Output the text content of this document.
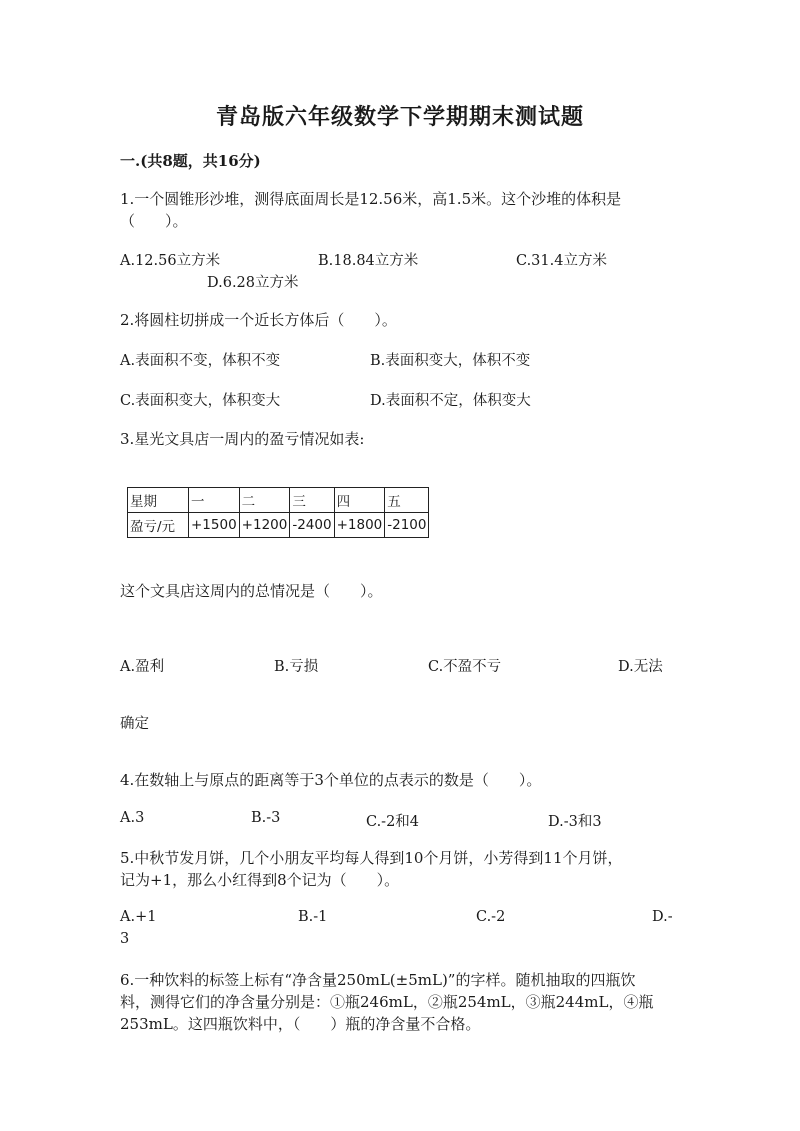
青岛版六年级数学下学期期末测试题
一.(共8题，共16分)
1.一个圆锥形沙堆，测得底面周长是12.56米，高1.5米。这个沙堆的体积是
（　　）。
A.12.56立方米	B.18.84立方米	C.31.4立方米
D.6.28立方米
2.将圆柱切拼成一个近长方体后（　　）。
A.表面积不变，体积不变	B.表面积变大，体积不变
C.表面积变大，体积变大	D.表面积不定，体积变大
3.星光文具店一周内的盈亏情况如表:
星期	一	二	三	四	五
盈亏/元	+1500	+1200	-2400	+1800	-2100
这个文具店这周内的总情况是（　　）。
A.盈利	B.亏损	C.不盈不亏	D.无法
确定
4.在数轴上与原点的距离等于3个单位的点表示的数是（　　）。
A.3	B.-3	C.-2和4	D.-3和3
5.中秋节发月饼，几个小朋友平均每人得到10个月饼，小芳得到11个月饼，
记为+1，那么小红得到8个记为（　　）。
A.+1	B.-1	C.-2	D.-
3
6.一种饮料的标签上标有“净含量250mL(±5mL)”的字样。随机抽取的四瓶饮
料，测得它们的净含量分别是：①瓶246mL，②瓶254mL，③瓶244mL，④瓶
253mL。这四瓶饮料中，（　　）瓶的净含量不合格。
